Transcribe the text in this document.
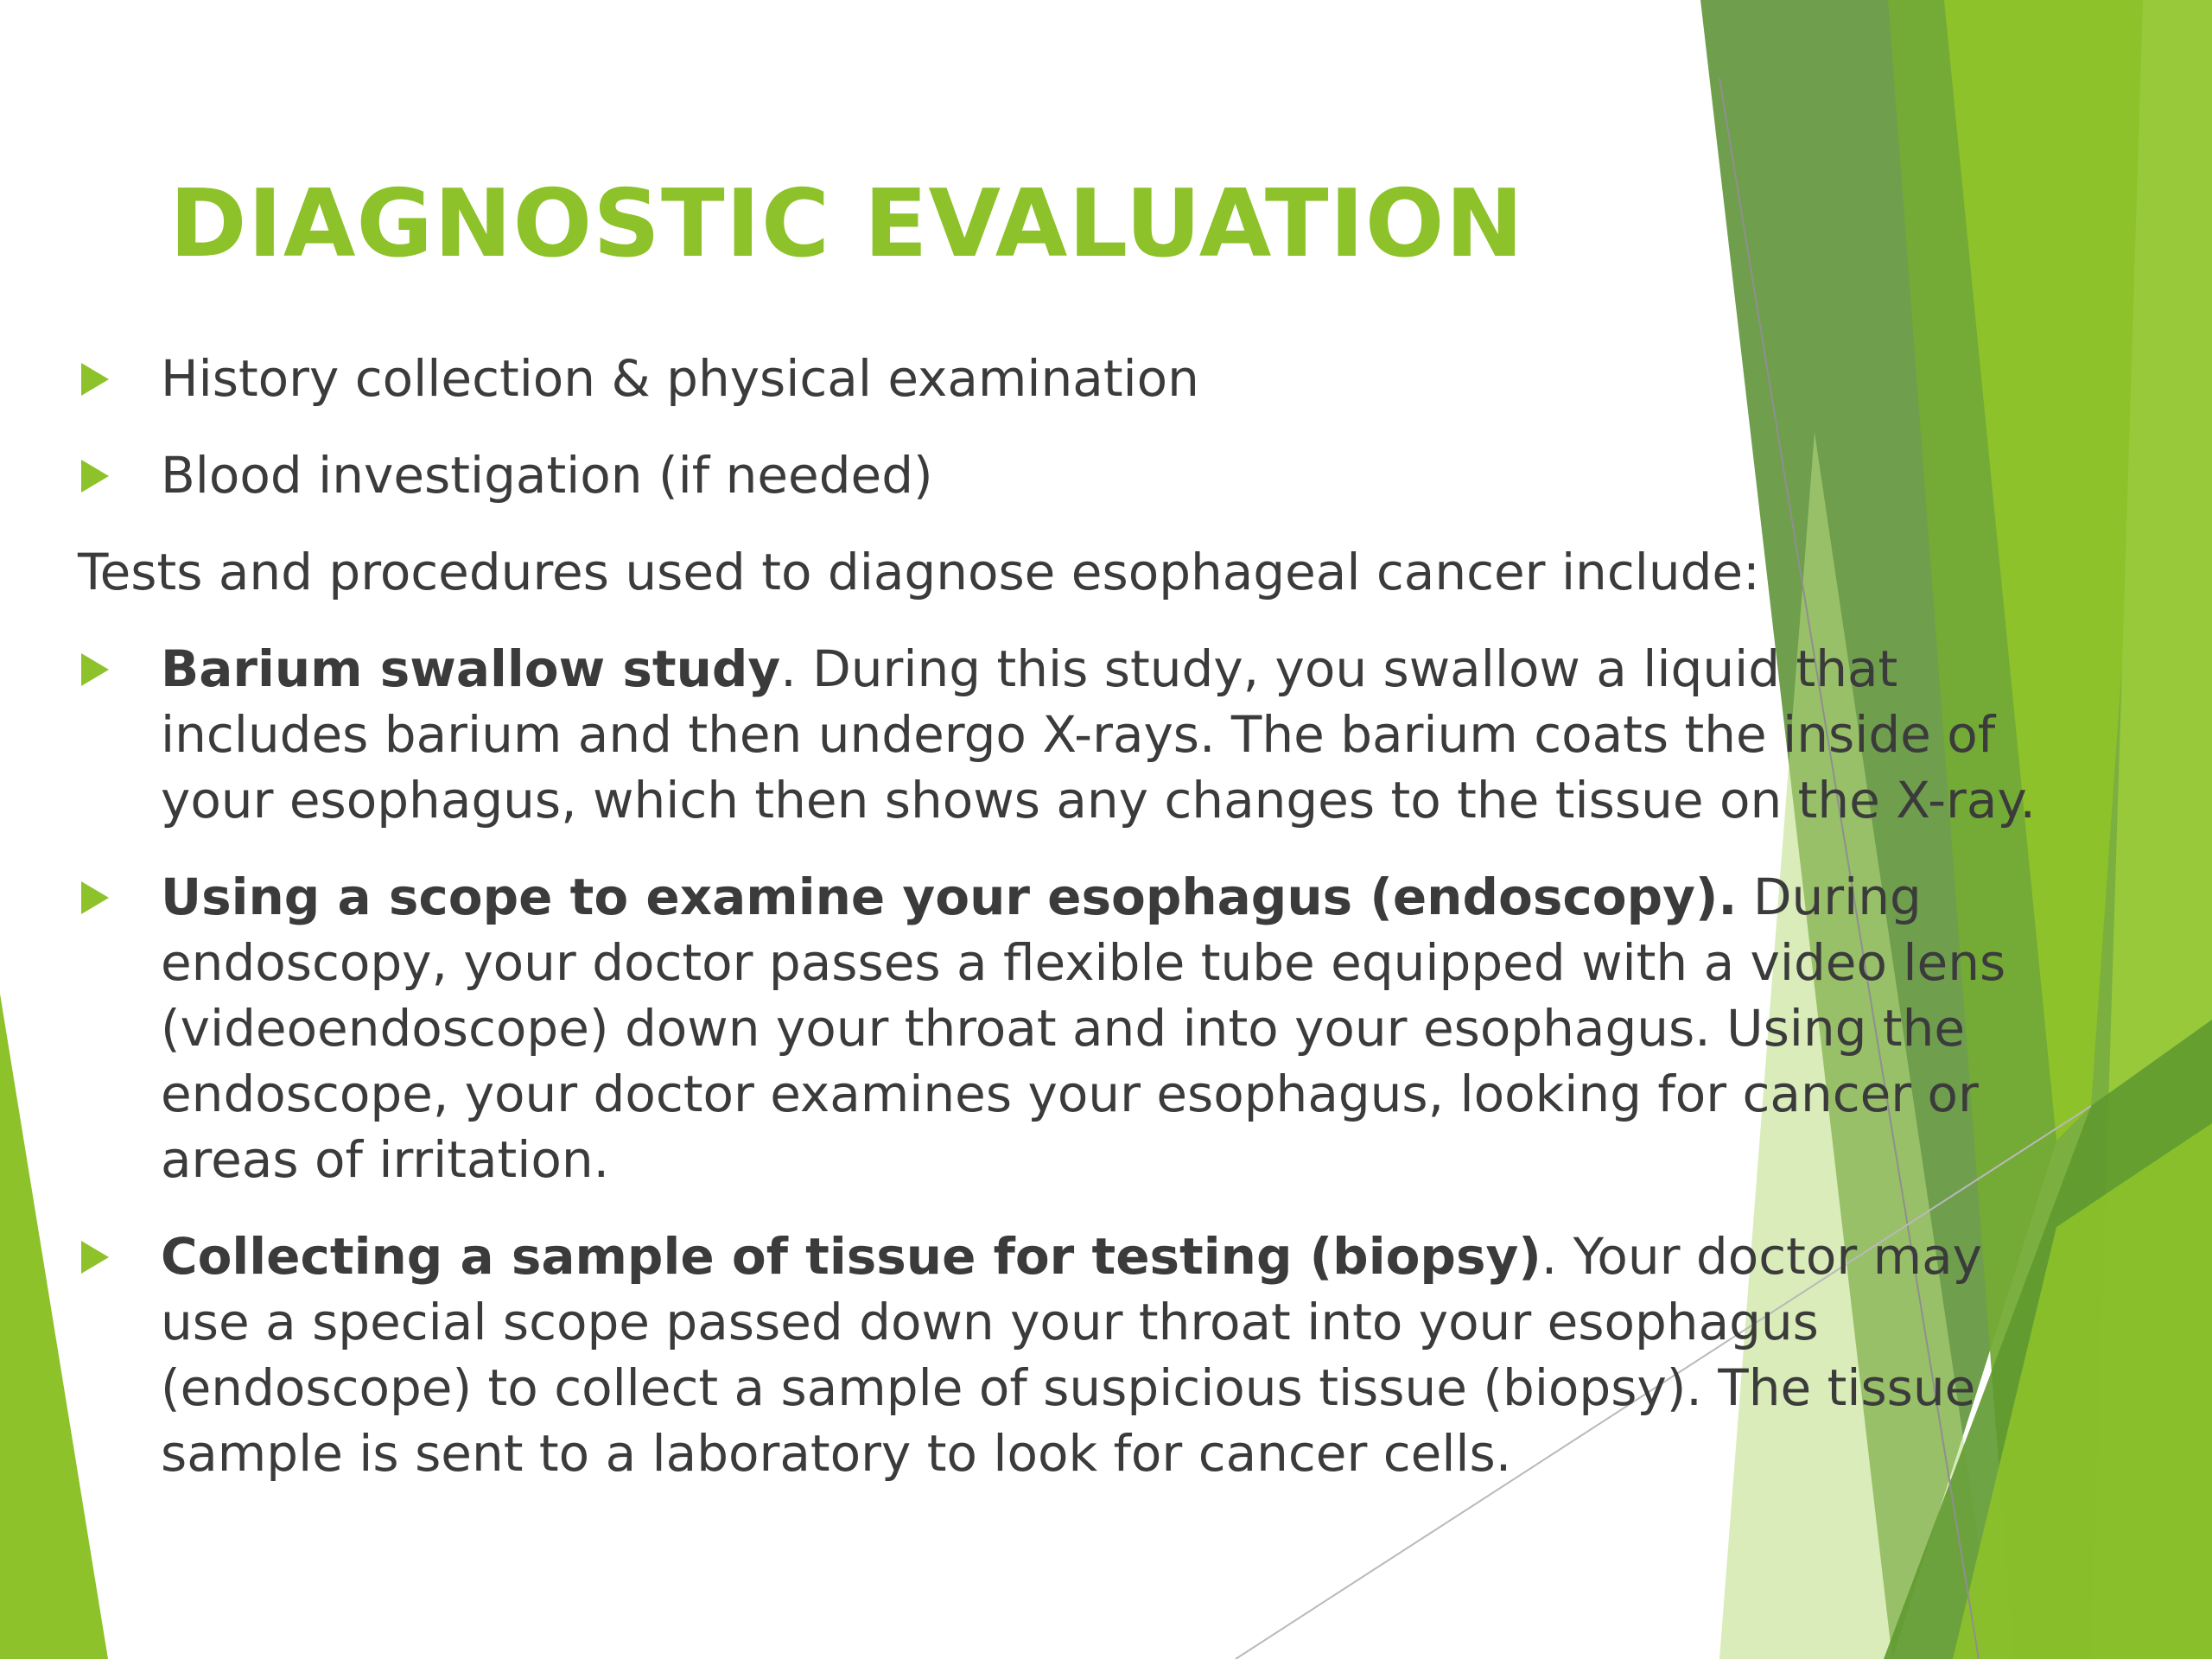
DIAGNOSTIC EVALUATION
History collection & physical examination
Blood investigation (if needed)
Tests and procedures used to diagnose esophageal cancer include:
Barium swallow study. During this study, you swallow a liquid that includes barium and then undergo X-rays. The barium coats the inside of your esophagus, which then shows any changes to the tissue on the X-ray.
Using a scope to examine your esophagus (endoscopy). During endoscopy, your doctor passes a flexible tube equipped with a video lens (videoendoscope) down your throat and into your esophagus. Using the endoscope, your doctor examines your esophagus, looking for cancer or areas of irritation.
Collecting a sample of tissue for testing (biopsy). Your doctor may use a special scope passed down your throat into your esophagus (endoscope) to collect a sample of suspicious tissue (biopsy). The tissue sample is sent to a laboratory to look for cancer cells.
